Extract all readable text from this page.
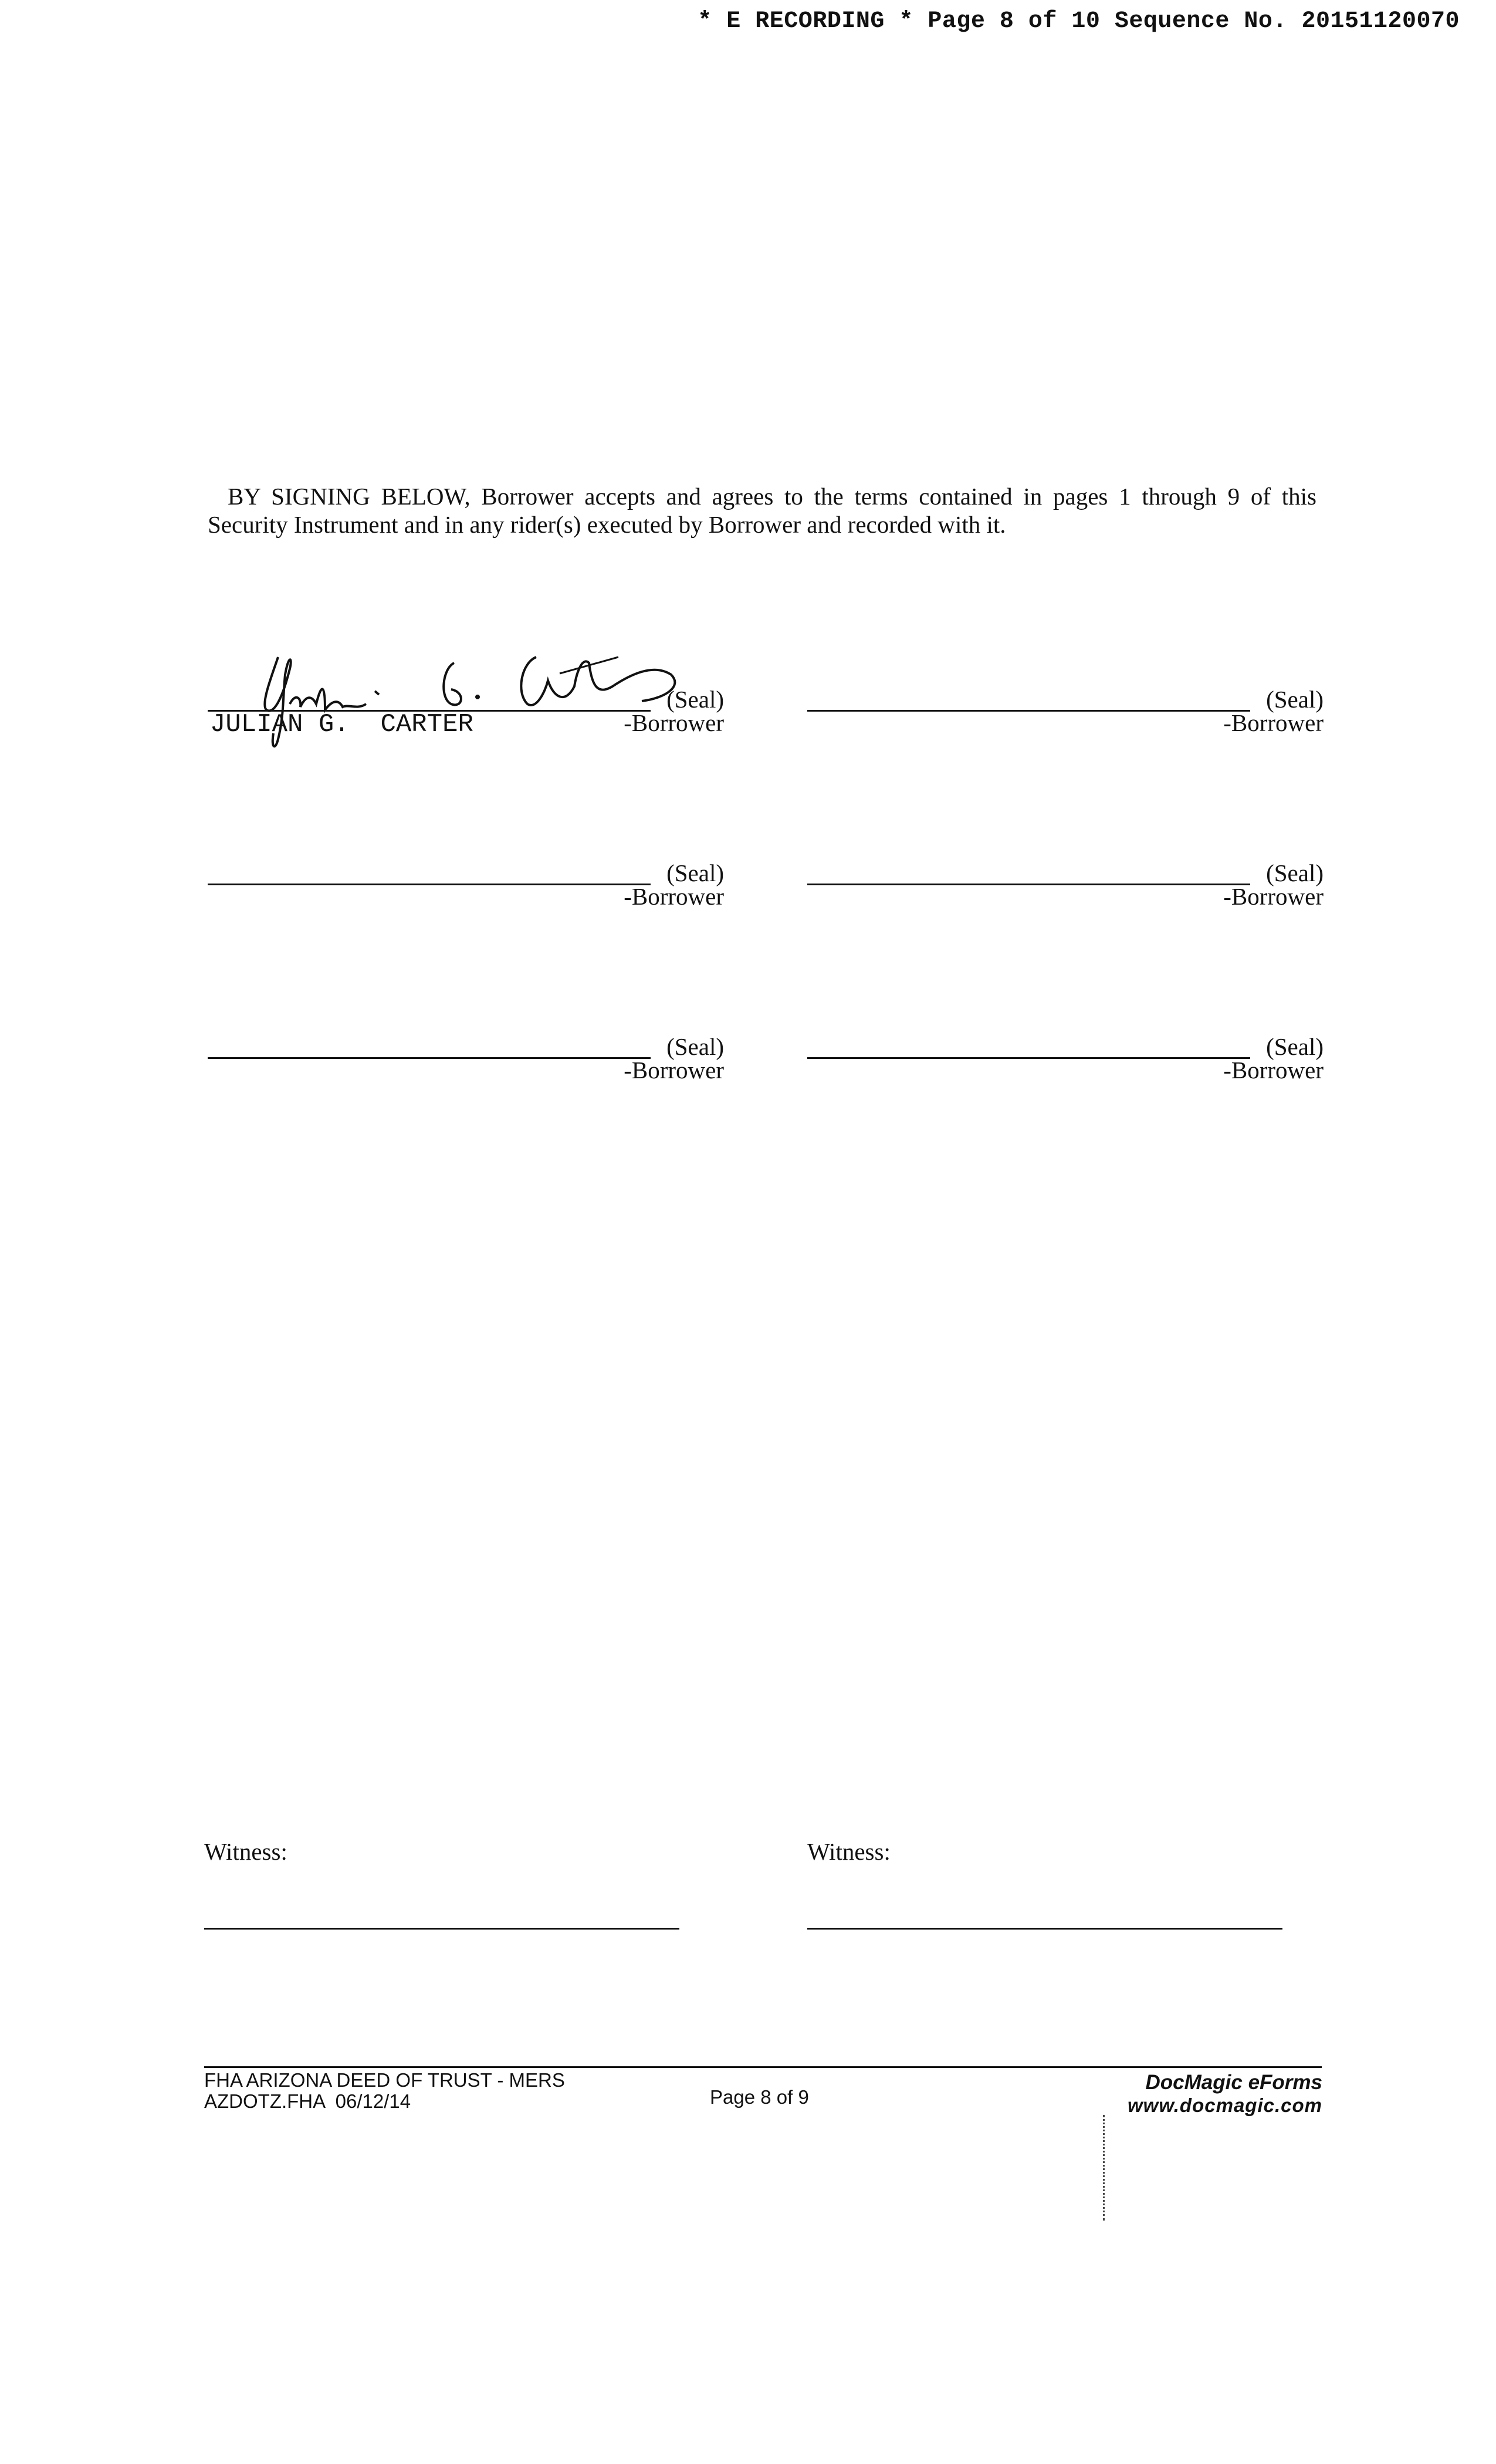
* E RECORDING * Page 8 of 10 Sequence No. 20151120070
BY SIGNING BELOW, Borrower accepts and agrees to the terms contained in pages 1 through 9 of this Security Instrument and in any rider(s) executed by Borrower and recorded with it.
(Seal)
-Borrower
JULIAN G.  CARTER
(Seal)
-Borrower
(Seal)
-Borrower
(Seal)
-Borrower
(Seal)
-Borrower
(Seal)
-Borrower
Witness:	Witness:
FHA ARIZONA DEED OF TRUST - MERS
AZDOTZ.FHA  06/12/14	Page 8 of 9
DocMagic eForms
www.docmagic.com
